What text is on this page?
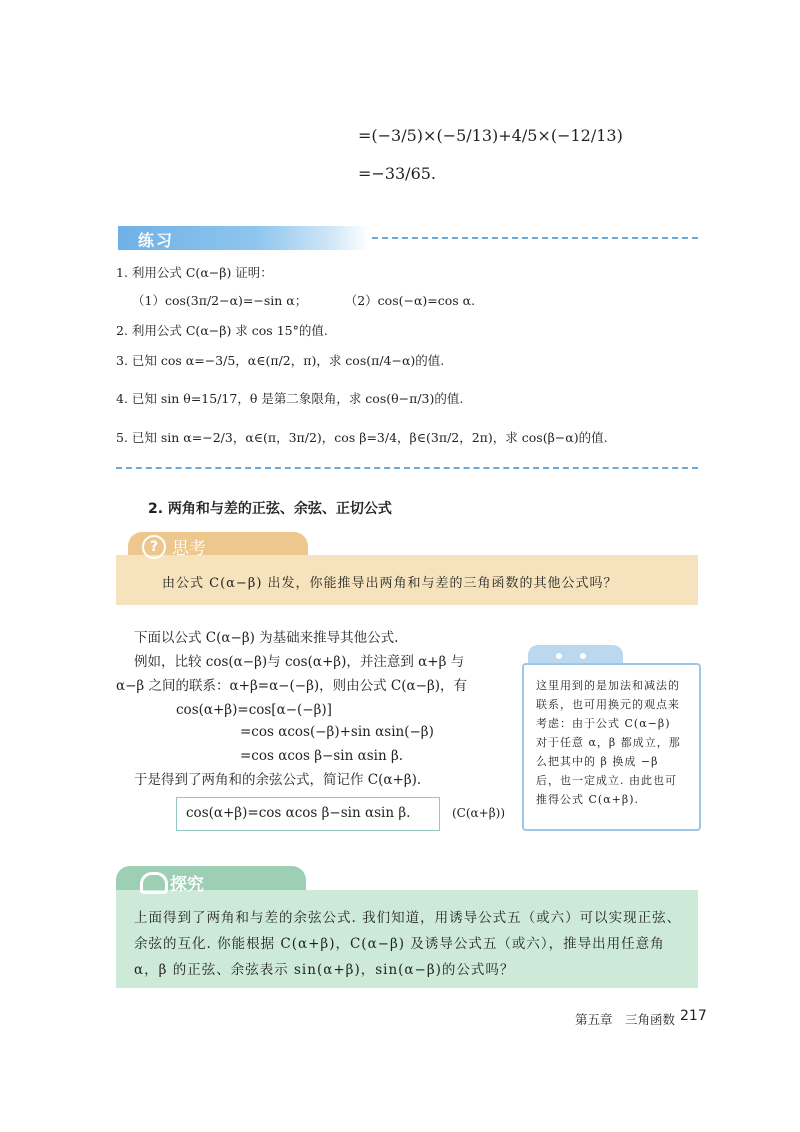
=(−3/5)×(−5/13)+4/5×(−12/13)
=−33/65.
练习
1. 利用公式 C(α−β) 证明：
（1）cos(3π/2−α)=−sin α；　　　　（2）cos(−α)=cos α.
2. 利用公式 C(α−β) 求 cos 15°的值.
3. 已知 cos α=−3/5，α∈(π/2，π)，求 cos(π/4−α)的值.
4. 已知 sin θ=15/17，θ 是第二象限角，求 cos(θ−π/3)的值.
5. 已知 sin α=−2/3，α∈(π，3π/2)，cos β=3/4，β∈(3π/2，2π)，求 cos(β−α)的值.
2. 两角和与差的正弦、余弦、正切公式
? 思考
由公式 C(α−β) 出发，你能推导出两角和与差的三角函数的其他公式吗？
下面以公式 C(α−β) 为基础来推导其他公式.
例如，比较 cos(α−β)与 cos(α+β)，并注意到 α+β 与
α−β 之间的联系：α+β=α−(−β)，则由公式 C(α−β)，有
cos(α+β)=cos[α−(−β)]
=cos αcos(−β)+sin αsin(−β)
=cos αcos β−sin αsin β.
于是得到了两角和的余弦公式，简记作 C(α+β).
cos(α+β)=cos αcos β−sin αsin β.	(C(α+β))
这里用到的是加法和减法的联系，也可用换元的观点来考虑：由于公式 C(α−β) 对于任意 α，β 都成立，那么把其中的 β 换成 −β 后，也一定成立. 由此也可推得公式 C(α+β).
探究
上面得到了两角和与差的余弦公式. 我们知道，用诱导公式五（或六）可以实现正弦、余弦的互化. 你能根据 C(α+β)，C(α−β) 及诱导公式五（或六），推导出用任意角 α，β 的正弦、余弦表示 sin(α+β)，sin(α−β)的公式吗？
第五章　三角函数 217
